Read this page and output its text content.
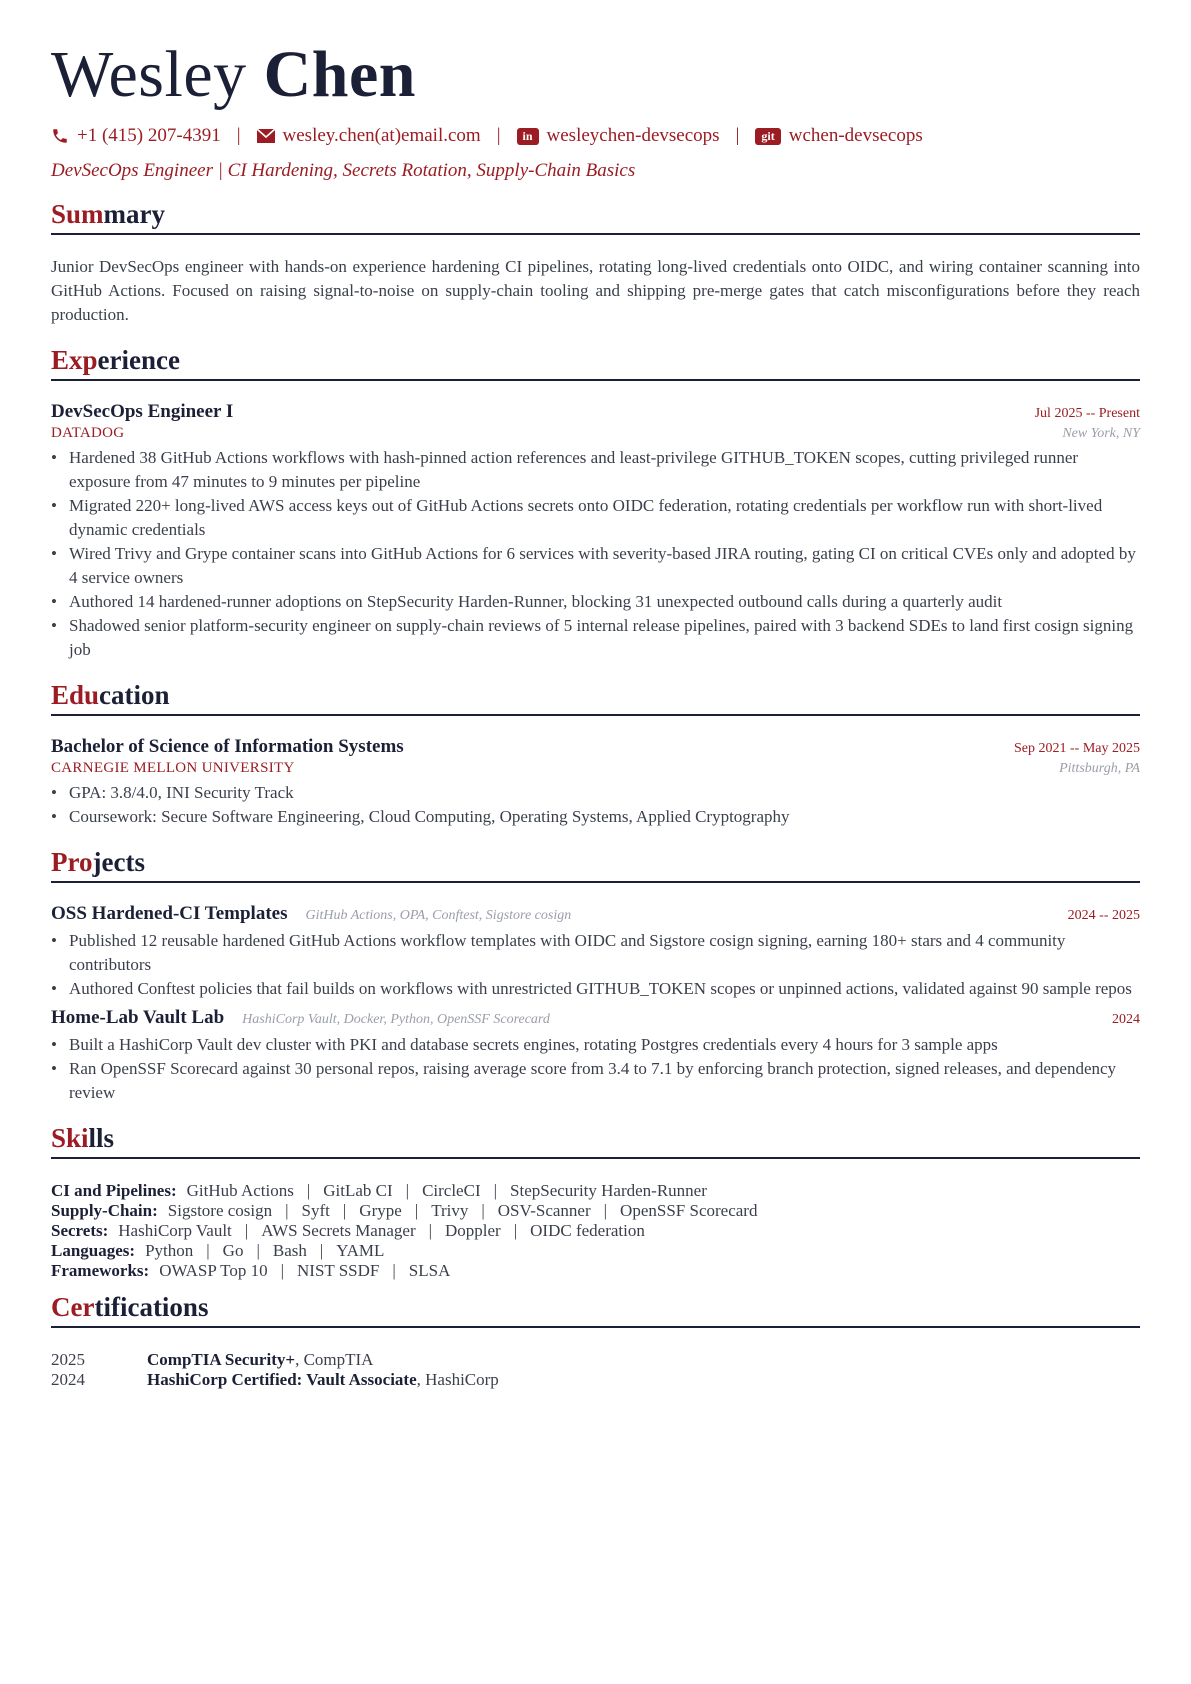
Wesley Chen
+1 (415) 207-4391 | wesley.chen(at)email.com |	in wesleychen-devsecops |	git wchen-devsecops
DevSecOps Engineer | CI Hardening, Secrets Rotation, Supply-Chain Basics
Summary

Junior DevSecOps engineer with hands-on experience hardening CI pipelines, rotating long-lived credentials onto OIDC, and wiring container scanning into GitHub Actions. Focused on raising signal-to-noise on supply-chain tooling and shipping pre-merge gates that catch misconfigurations before they reach production.

Experience
DevSecOps Engineer I	Jul 2025 -- Present
DATADOG	New York, NY
• Hardened 38 GitHub Actions workflows with hash-pinned action references and least-privilege GITHUB_TOKEN scopes, cutting privileged runner exposure from 47 minutes to 9 minutes per pipeline
• Migrated 220+ long-lived AWS access keys out of GitHub Actions secrets onto OIDC federation, rotating credentials per workflow run with short-lived dynamic credentials
• Wired Trivy and Grype container scans into GitHub Actions for 6 services with severity-based JIRA routing, gating CI on critical CVEs only and adopted by 4 service owners
• Authored 14 hardened-runner adoptions on StepSecurity Harden-Runner, blocking 31 unexpected outbound calls during a quarterly audit
• Shadowed senior platform-security engineer on supply-chain reviews of 5 internal release pipelines, paired with 3 backend SDEs to land first cosign signing job
Education
Bachelor of Science of Information Systems	Sep 2021 -- May 2025
CARNEGIE MELLON UNIVERSITY	Pittsburgh, PA
• GPA: 3.8/4.0, INI Security Track
• Coursework: Secure Software Engineering, Cloud Computing, Operating Systems, Applied Cryptography
Projects
OSS Hardened-CI Templates GitHub Actions, OPA, Conftest, Sigstore cosign	2024 -- 2025
• Published 12 reusable hardened GitHub Actions workflow templates with OIDC and Sigstore cosign signing, earning 180+ stars and 4 community contributors
• Authored Conftest policies that fail builds on workflows with unrestricted GITHUB_TOKEN scopes or unpinned actions, validated against 90 sample repos
Home-Lab Vault Lab HashiCorp Vault, Docker, Python, OpenSSF Scorecard	2024
• Built a HashiCorp Vault dev cluster with PKI and database secrets engines, rotating Postgres credentials every 4 hours for 3 sample apps
• Ran OpenSSF Scorecard against 30 personal repos, raising average score from 3.4 to 7.1 by enforcing branch protection, signed releases, and dependency review
Skills
CI and Pipelines: GitHub Actions | GitLab CI | CircleCI | StepSecurity Harden-Runner
Supply-Chain: Sigstore cosign | Syft | Grype | Trivy | OSV-Scanner | OpenSSF Scorecard
Secrets: HashiCorp Vault | AWS Secrets Manager | Doppler | OIDC federation
Languages: Python | Go | Bash | YAML
Frameworks: OWASP Top 10 | NIST SSDF | SLSA
Certifications
2025	CompTIA Security+, CompTIA
2024	HashiCorp Certified: Vault Associate, HashiCorp
